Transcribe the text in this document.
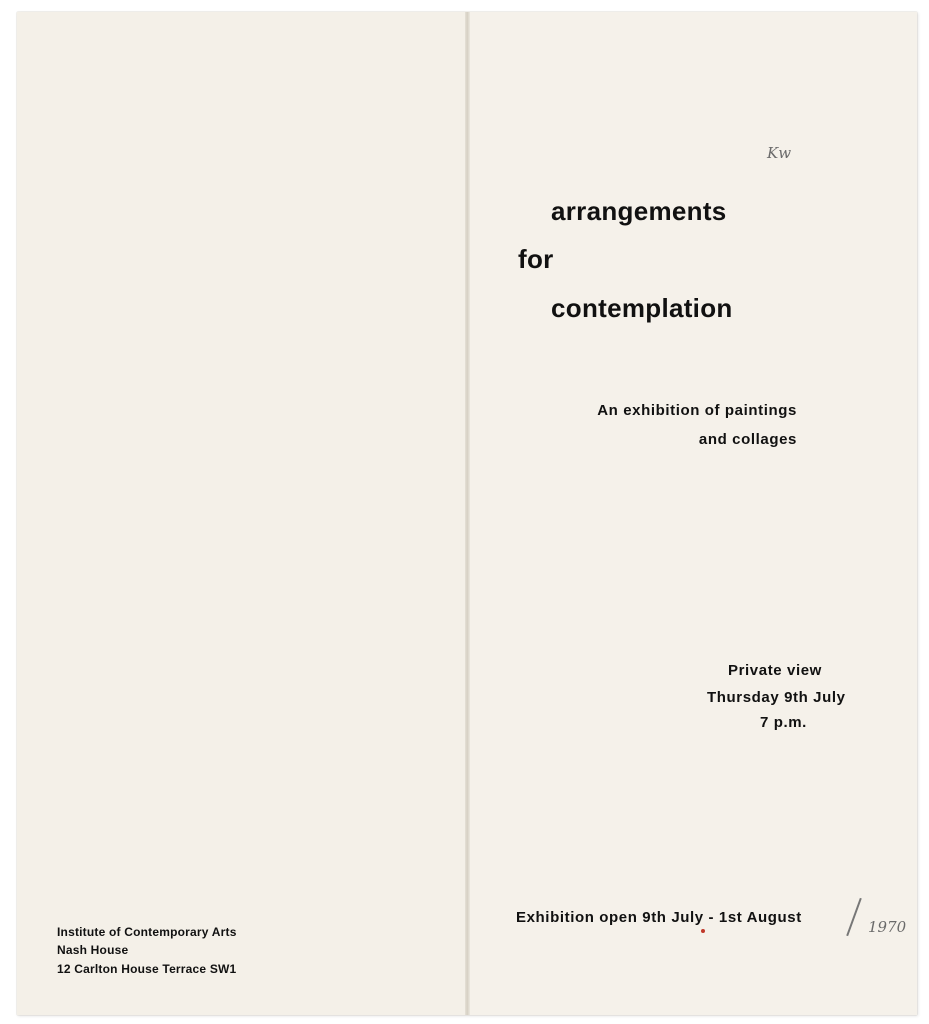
Kw
arrangements
for
contemplation
An exhibition of paintings
and collages
Private view
Thursday 9th July
7 p.m.
Exhibition open 9th July - 1st August
1970
Institute of Contemporary Arts
Nash House
12 Carlton House Terrace SW1
